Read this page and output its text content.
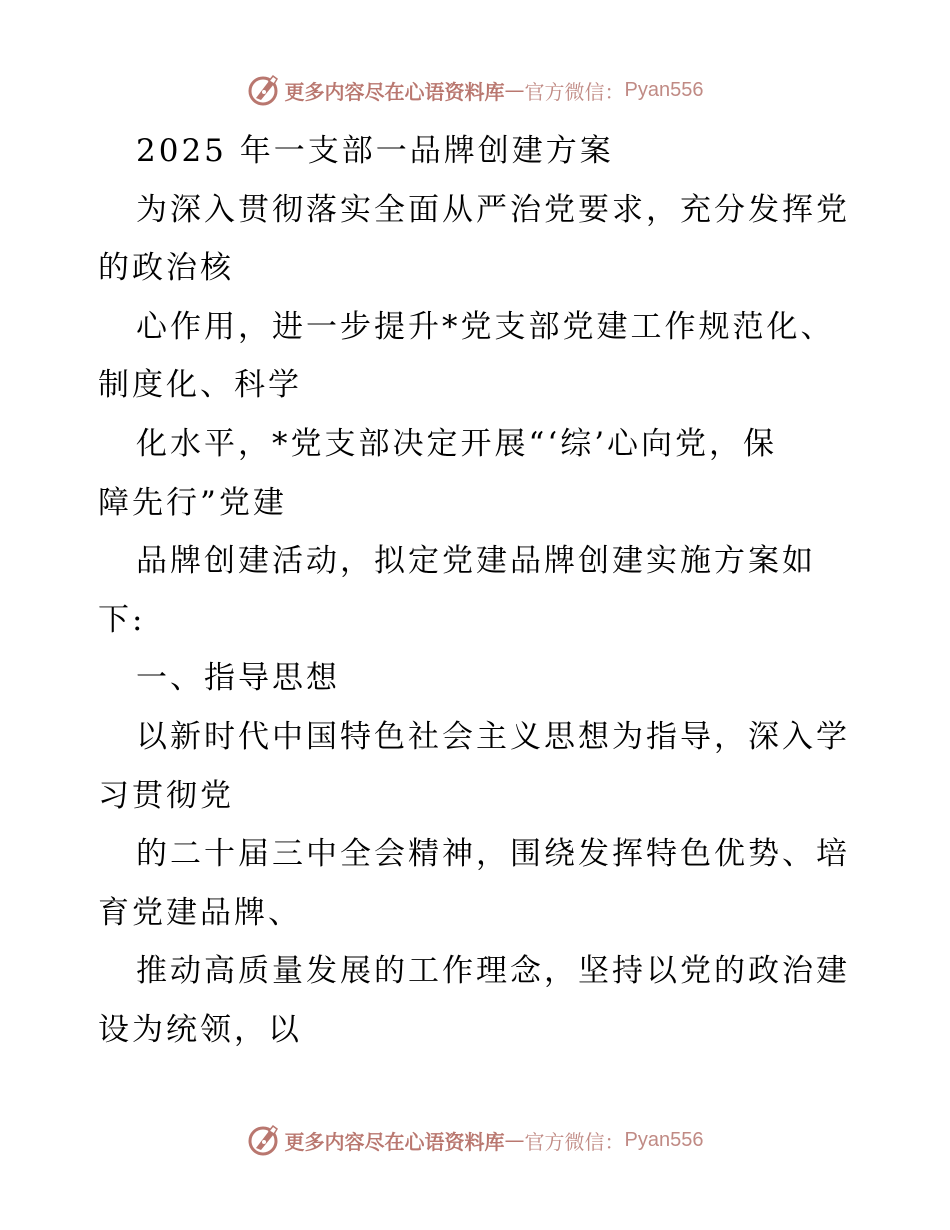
更多内容尽在心语资料库 — 官方微信： Pyan556
2025 年一支部一品牌创建方案
为深入贯彻落实全面从严治党要求，充分发挥党
的政治核
心作用，进一步提升*党支部党建工作规范化、
制度化、科学
化水平，*党支部决定开展“‘综’心向党，保
障先行”党建
品牌创建活动，拟定党建品牌创建实施方案如
下:
一、指导思想
以新时代中国特色社会主义思想为指导，深入学
习贯彻党
的二十届三中全会精神，围绕发挥特色优势、培
育党建品牌、
推动高质量发展的工作理念，坚持以党的政治建
设为统领，以
更多内容尽在心语资料库 — 官方微信： Pyan556
